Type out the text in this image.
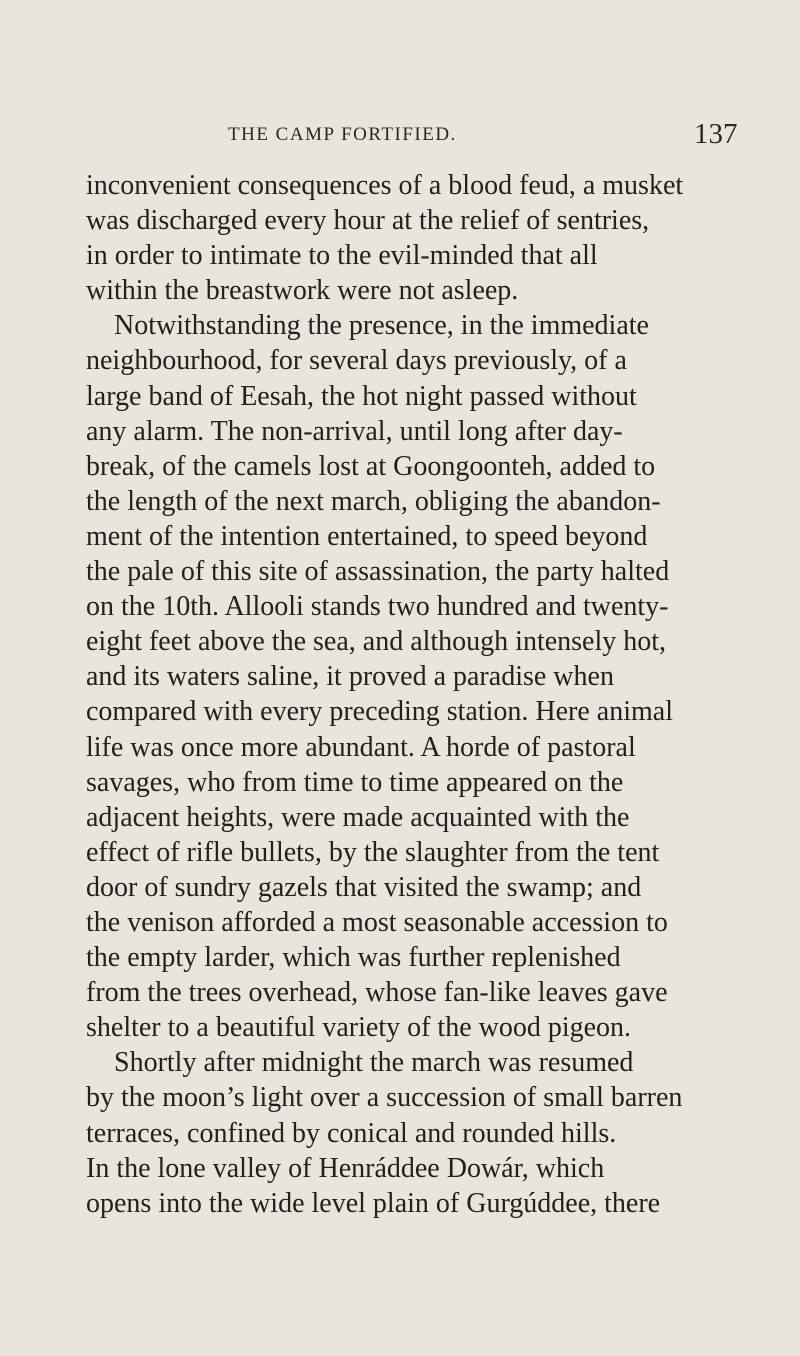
THE CAMP FORTIFIED.	137
inconvenient consequences of a blood feud, a musket
was discharged every hour at the relief of sentries,
in order to intimate to the evil-minded that all
within the breastwork were not asleep.
Notwithstanding the presence, in the immediate
neighbourhood, for several days previously, of a
large band of Eesah, the hot night passed without
any alarm. The non-arrival, until long after day-
break, of the camels lost at Goongoonteh, added to
the length of the next march, obliging the abandon-
ment of the intention entertained, to speed beyond
the pale of this site of assassination, the party halted
on the 10th. Allooli stands two hundred and twenty-
eight feet above the sea, and although intensely hot,
and its waters saline, it proved a paradise when
compared with every preceding station. Here animal
life was once more abundant. A horde of pastoral
savages, who from time to time appeared on the
adjacent heights, were made acquainted with the
effect of rifle bullets, by the slaughter from the tent
door of sundry gazels that visited the swamp; and
the venison afforded a most seasonable accession to
the empty larder, which was further replenished
from the trees overhead, whose fan-like leaves gave
shelter to a beautiful variety of the wood pigeon.
Shortly after midnight the march was resumed
by the moon’s light over a succession of small barren
terraces, confined by conical and rounded hills.
In the lone valley of Henráddee Dowár, which
opens into the wide level plain of Gurgúddee, there
